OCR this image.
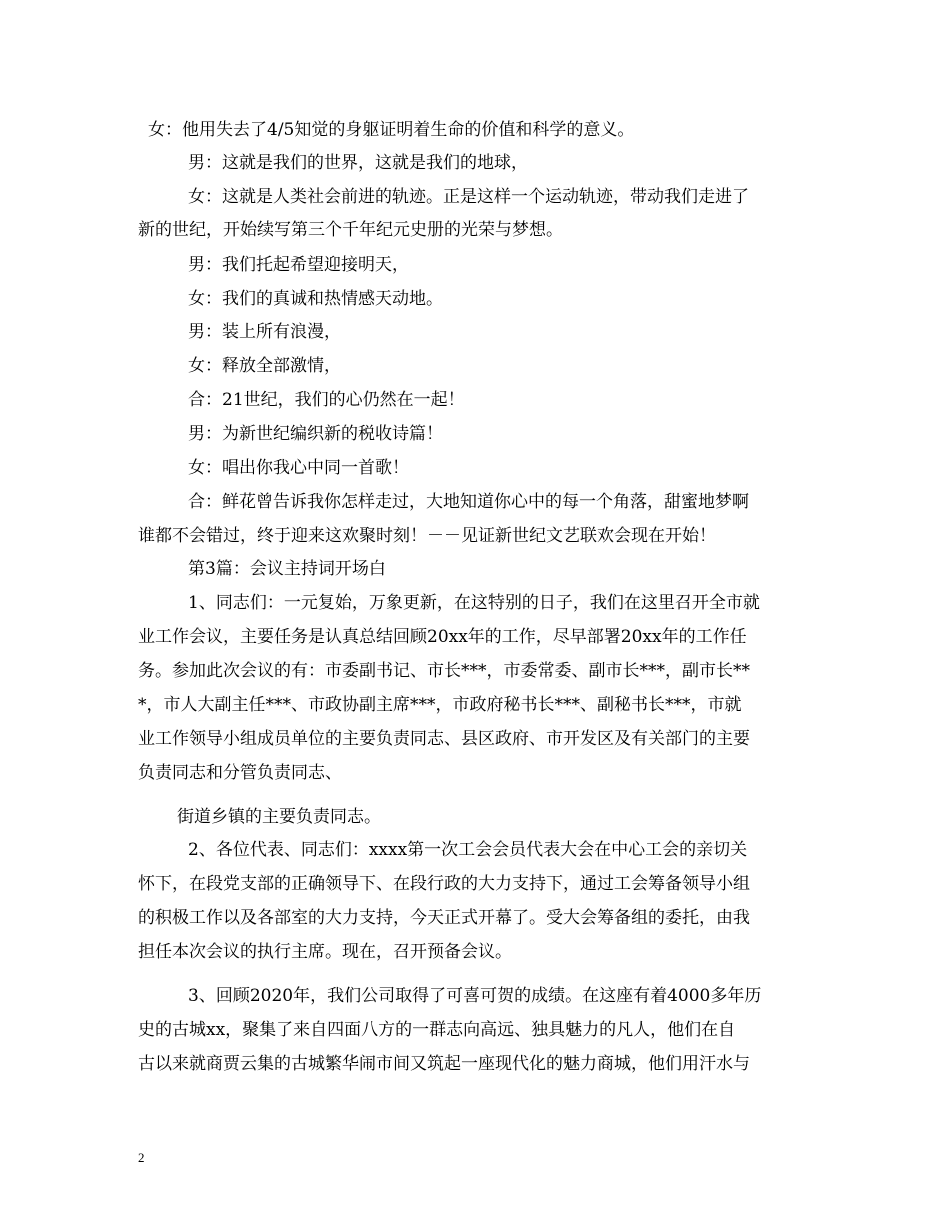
女：他用失去了4/5知觉的身躯证明着生命的价值和科学的意义。
男：这就是我们的世界，这就是我们的地球，
女：这就是人类社会前进的轨迹。正是这样一个运动轨迹，带动我们走进了
新的世纪，开始续写第三个千年纪元史册的光荣与梦想。
男：我们托起希望迎接明天，
女：我们的真诚和热情感天动地。
男：装上所有浪漫，
女：释放全部激情，
合：21世纪，我们的心仍然在一起！
男：为新世纪编织新的税收诗篇！
女：唱出你我心中同一首歌！
合：鲜花曾告诉我你怎样走过，大地知道你心中的每一个角落，甜蜜地梦啊
谁都不会错过，终于迎来这欢聚时刻！－－见证新世纪文艺联欢会现在开始！
第3篇：会议主持词开场白
1、同志们：一元复始，万象更新，在这特别的日子，我们在这里召开全市就
业工作会议，主要任务是认真总结回顾20xx年的工作，尽早部署20xx年的工作任
务。参加此次会议的有：市委副书记、市长***，市委常委、副市长***，副市长**
*，市人大副主任***、市政协副主席***，市政府秘书长***、副秘书长***，市就
业工作领导小组成员单位的主要负责同志、县区政府、市开发区及有关部门的主要
负责同志和分管负责同志、
街道乡镇的主要负责同志。
2、各位代表、同志们：xxxx第一次工会会员代表大会在中心工会的亲切关
怀下，在段党支部的正确领导下、在段行政的大力支持下，通过工会筹备领导小组
的积极工作以及各部室的大力支持，今天正式开幕了。受大会筹备组的委托，由我
担任本次会议的执行主席。现在，召开预备会议。
3、回顾2020年，我们公司取得了可喜可贺的成绩。在这座有着4000多年历
史的古城xx，聚集了来自四面八方的一群志向高远、独具魅力的凡人，他们在自
古以来就商贾云集的古城繁华闹市间又筑起一座现代化的魅力商城，他们用汗水与
2
